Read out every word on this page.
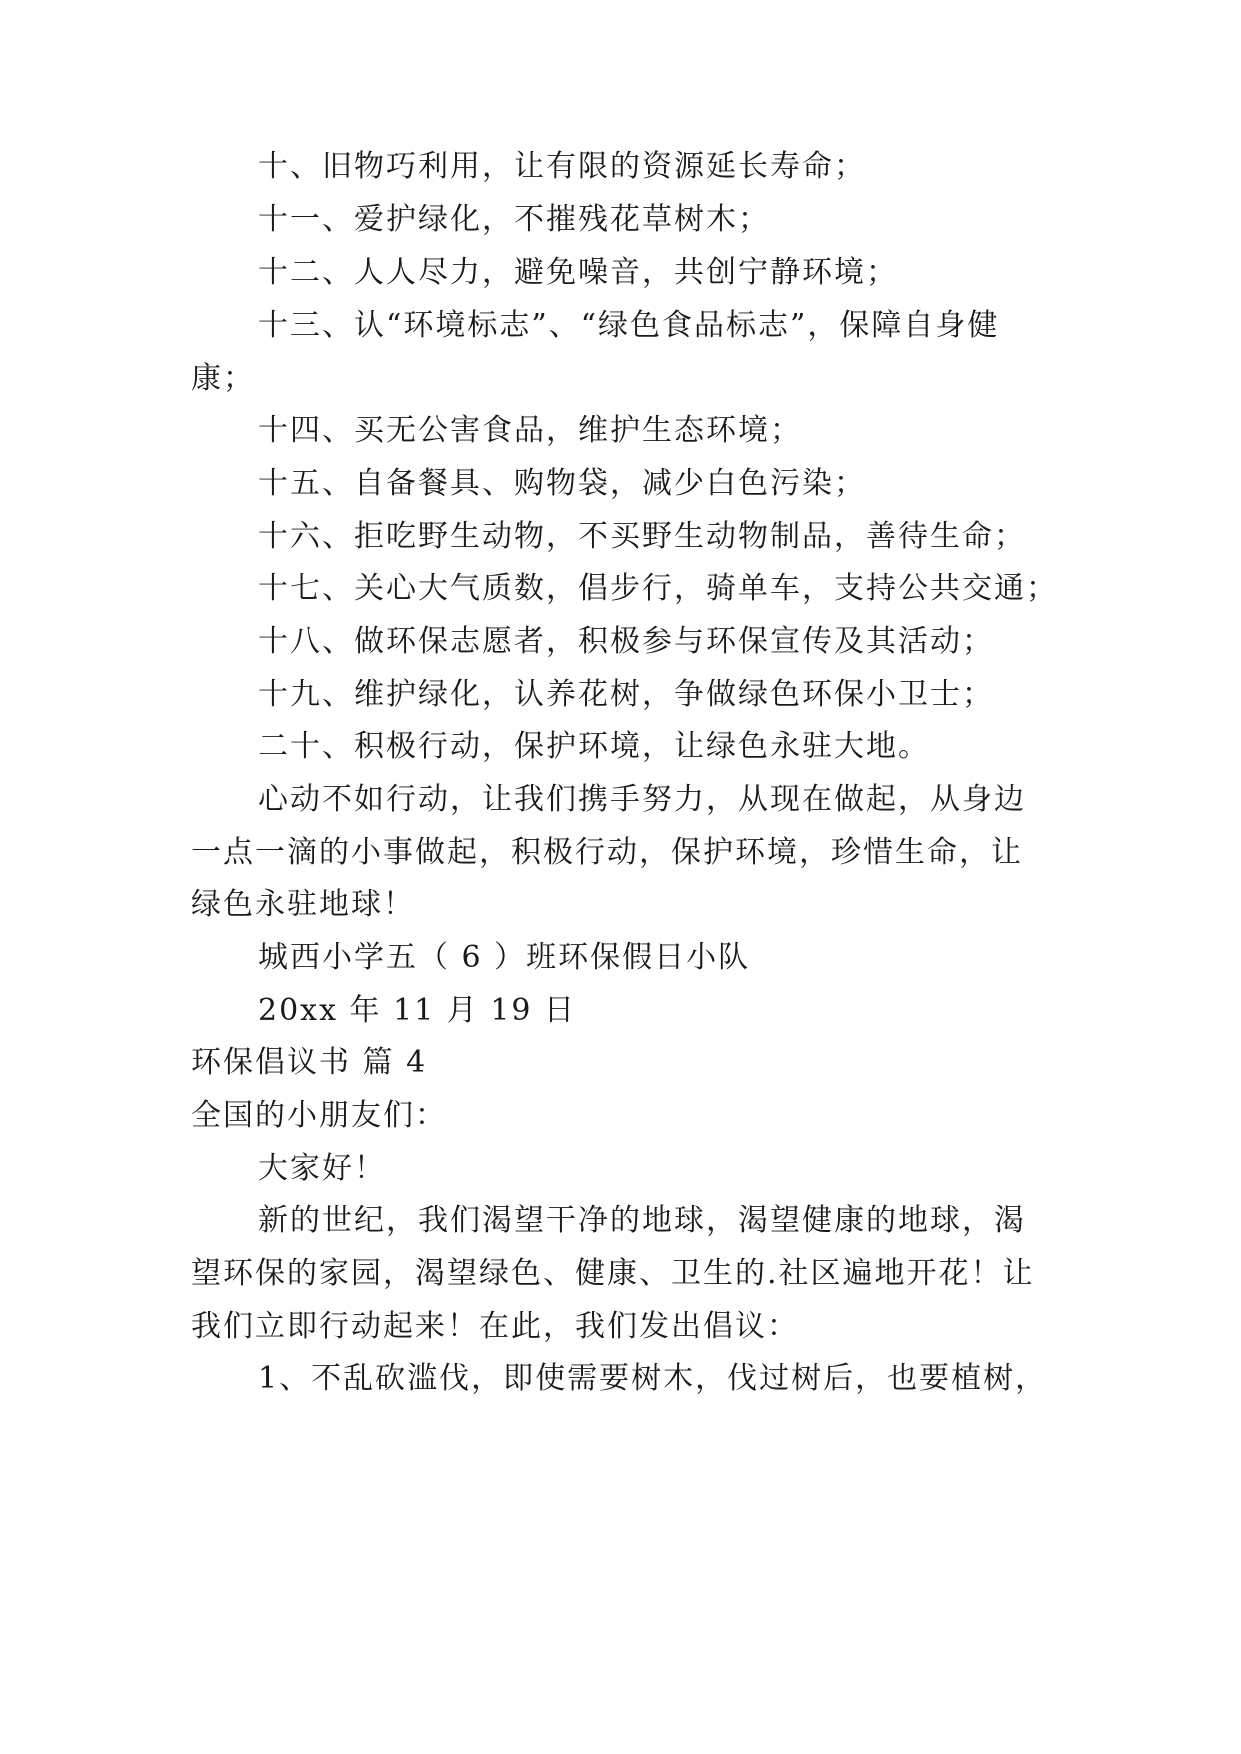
十、旧物巧利用，让有限的资源延长寿命；
十一、爱护绿化，不摧残花草树木；
十二、人人尽力，避免噪音，共创宁静环境；
十三、认“环境标志”、“绿色食品标志”，保障自身健
康；
十四、买无公害食品，维护生态环境；
十五、自备餐具、购物袋，减少白色污染；
十六、拒吃野生动物，不买野生动物制品，善待生命；
十七、关心大气质数，倡步行，骑单车，支持公共交通；
十八、做环保志愿者，积极参与环保宣传及其活动；
十九、维护绿化，认养花树，争做绿色环保小卫士；
二十、积极行动，保护环境，让绿色永驻大地。
心动不如行动，让我们携手努力，从现在做起，从身边
一点一滴的小事做起，积极行动，保护环境，珍惜生命，让
绿色永驻地球！
城西小学五（ 6 ）班环保假日小队
20xx 年 11 月 19 日
环保倡议书 篇 4
全国的小朋友们：
大家好！
新的世纪，我们渴望干净的地球，渴望健康的地球，渴
望环保的家园，渴望绿色、健康、卫生的.社区遍地开花！让
我们立即行动起来！在此，我们发出倡议：
1、不乱砍滥伐，即使需要树木，伐过树后，也要植树，
